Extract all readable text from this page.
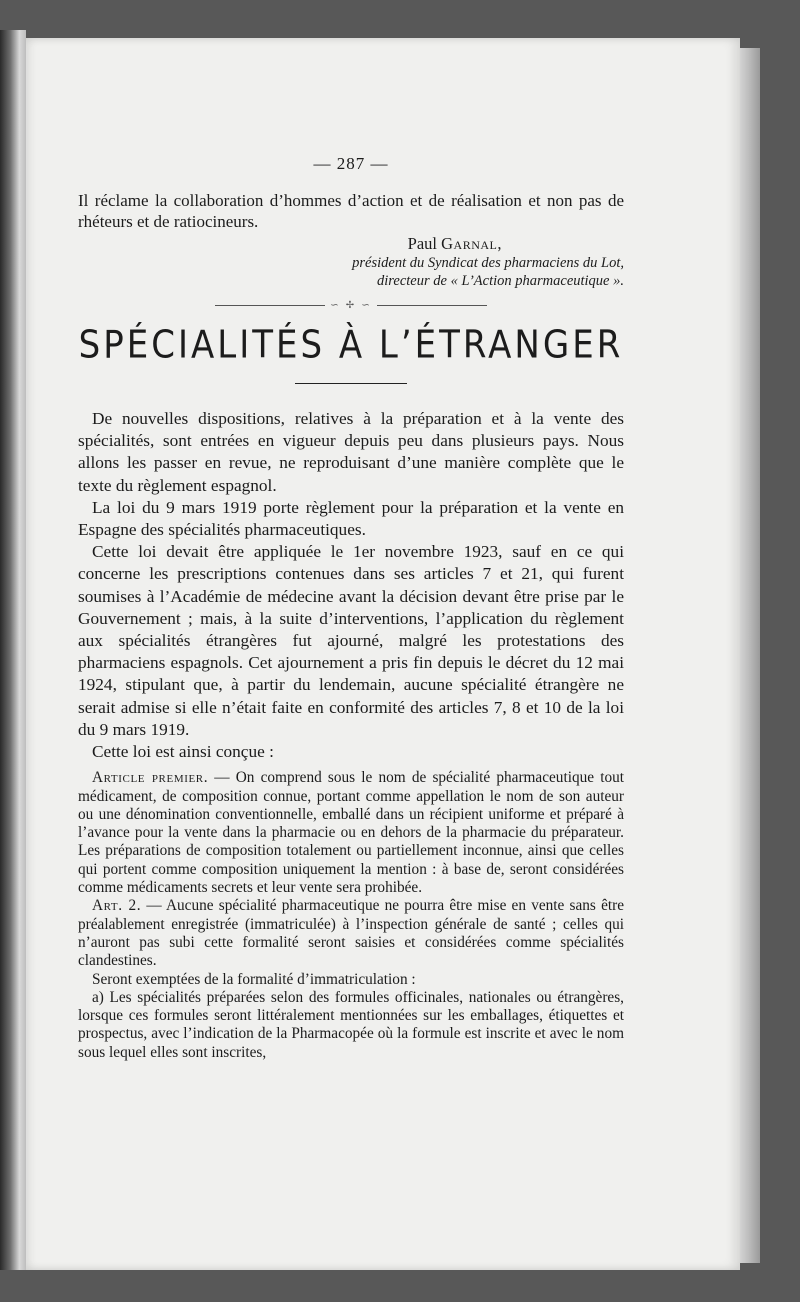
— 287 —

Il réclame la collaboration d’hommes d’action et de réalisation et non pas de rhéteurs et de ratiocineurs.

Paul Garnal,
président du Syndicat des pharmaciens du Lot,
directeur de « L’Action pharmaceutique ».
∽ ✢ ∽
SPÉCIALITÉS À L’ÉTRANGER

De nouvelles dispositions, relatives à la préparation et à la vente des spécialités, sont entrées en vigueur depuis peu dans plusieurs pays. Nous allons les passer en revue, ne reproduisant d’une manière complète que le texte du règlement espagnol.

La loi du 9 mars 1919 porte règlement pour la préparation et la vente en Espagne des spécialités pharmaceutiques.

Cette loi devait être appliquée le 1er novembre 1923, sauf en ce qui concerne les prescriptions contenues dans ses articles 7 et 21, qui furent soumises à l’Académie de médecine avant la décision devant être prise par le Gouvernement ; mais, à la suite d’interventions, l’application du règlement aux spécialités étrangères fut ajourné, malgré les protestations des pharmaciens espagnols. Cet ajournement a pris fin depuis le décret du 12 mai 1924, stipulant que, à partir du lendemain, aucune spécialité étrangère ne serait admise si elle n’était faite en conformité des articles 7, 8 et 10 de la loi du 9 mars 1919.

Cette loi est ainsi conçue :

Article premier. — On comprend sous le nom de spécialité pharmaceutique tout médicament, de composition connue, portant comme appellation le nom de son auteur ou une dénomination conventionnelle, emballé dans un récipient uniforme et préparé à l’avance pour la vente dans la pharmacie ou en dehors de la pharmacie du préparateur. Les préparations de composition totalement ou partiellement inconnue, ainsi que celles qui portent comme composition uniquement la mention : à base de, seront considérées comme médicaments secrets et leur vente sera prohibée.

Art. 2. — Aucune spécialité pharmaceutique ne pourra être mise en vente sans être préalablement enregistrée (immatriculée) à l’inspection générale de santé ; celles qui n’auront pas subi cette formalité seront saisies et considérées comme spécialités clandestines.

Seront exemptées de la formalité d’immatriculation :

a) Les spécialités préparées selon des formules officinales, nationales ou étrangères, lorsque ces formules seront littéralement mentionnées sur les emballages, étiquettes et prospectus, avec l’indication de la Pharmacopée où la formule est inscrite et avec le nom sous lequel elles sont inscrites,
